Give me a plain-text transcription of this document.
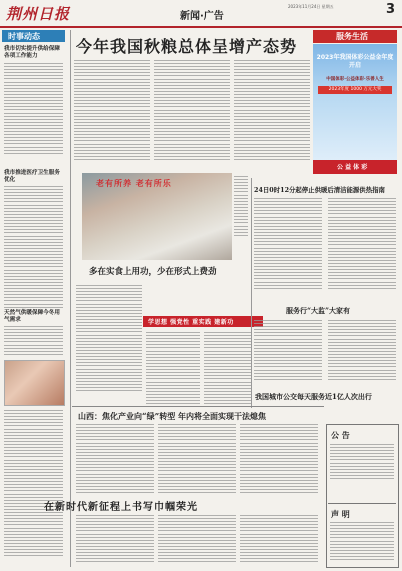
荆州日报	新闻·广告
2023年11月24日 星期五	3
时事动态
我市切实提升供给保障各项工作能力
我市推进医疗卫生服务优化
天然气供暖保障今冬用气需求
今年我国秋粮总体呈增产态势
服务生活
2023年我国体彩公益金年度开启
中国体彩·公益体彩·乐善人生
2023年度 1000 万元大奖
公 益 体 彩
老有所养 老有所乐
多在实食上用功，少在形式上费劲
学思想 强党性 重实践 建新功
24日0时12分起停止供暖后清洁能源供热指南
服务行“大监”大家有
我国城市公交每天服务近1亿人次出行
山西：焦化产业向“绿”转型 年内将全面实现干法熄焦
在新时代新征程上书写巾帼荣光
公 告
声 明
